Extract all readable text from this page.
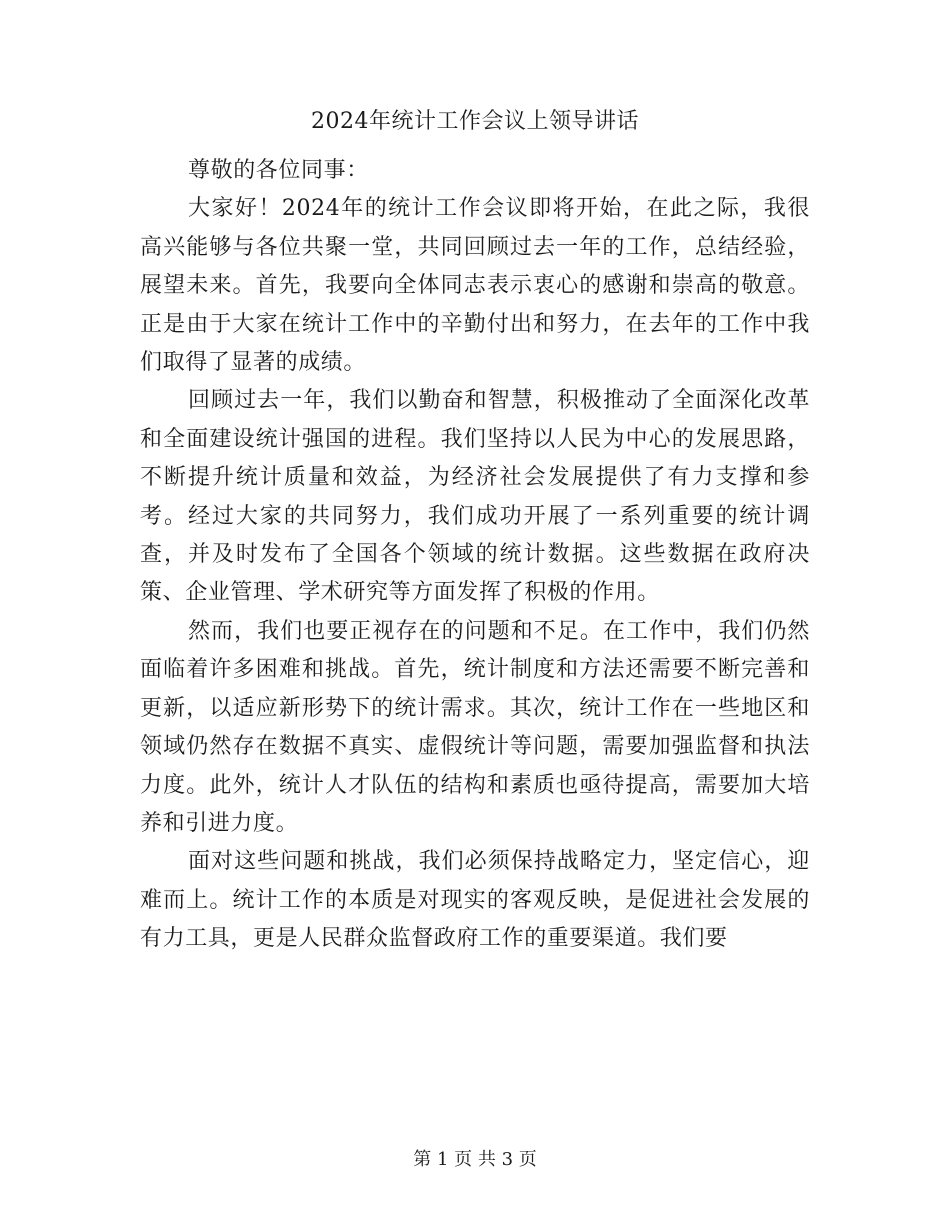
2024年统计工作会议上领导讲话

尊敬的各位同事：

大家好！2024年的统计工作会议即将开始，在此之际，我很高兴能够与各位共聚一堂，共同回顾过去一年的工作，总结经验，展望未来。首先，我要向全体同志表示衷心的感谢和崇高的敬意。正是由于大家在统计工作中的辛勤付出和努力，在去年的工作中我们取得了显著的成绩。

回顾过去一年，我们以勤奋和智慧，积极推动了全面深化改革和全面建设统计强国的进程。我们坚持以人民为中心的发展思路，不断提升统计质量和效益，为经济社会发展提供了有力支撑和参考。经过大家的共同努力，我们成功开展了一系列重要的统计调查，并及时发布了全国各个领域的统计数据。这些数据在政府决策、企业管理、学术研究等方面发挥了积极的作用。

然而，我们也要正视存在的问题和不足。在工作中，我们仍然面临着许多困难和挑战。首先，统计制度和方法还需要不断完善和更新，以适应新形势下的统计需求。其次，统计工作在一些地区和领域仍然存在数据不真实、虚假统计等问题，需要加强监督和执法力度。此外，统计人才队伍的结构和素质也亟待提高，需要加大培养和引进力度。

面对这些问题和挑战，我们必须保持战略定力，坚定信心，迎难而上。统计工作的本质是对现实的客观反映，是促进社会发展的有力工具，更是人民群众监督政府工作的重要渠道。我们要

第 1 页 共 3 页
